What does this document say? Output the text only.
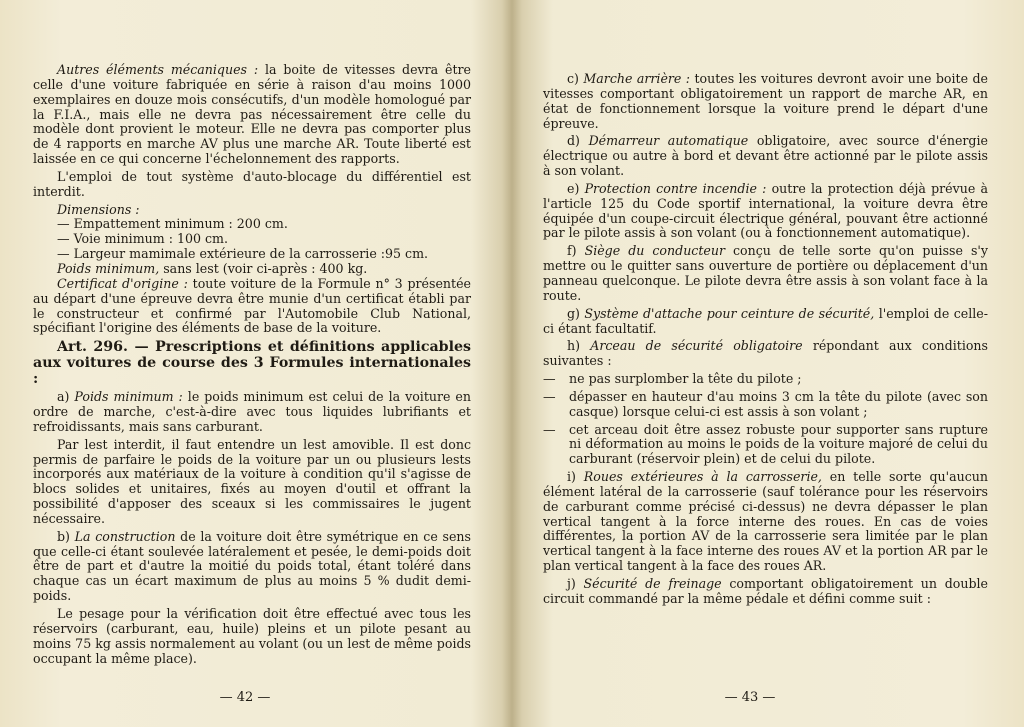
Autres éléments mécaniques : la boite de vitesses devra être celle d'une voiture fabriquée en série à raison d'au moins 1000 exemplaires en douze mois consécutifs, d'un modèle homologué par la F.I.A., mais elle ne devra pas nécessairement être celle du modèle dont provient le moteur. Elle ne devra pas comporter plus de 4 rapports en marche AV plus une marche AR. Toute liberté est laissée en ce qui concerne l'échelonnement des rapports.

L'emploi de tout système d'auto-blocage du différentiel est interdit.

Dimensions :

— Empattement minimum : 200 cm.

— Voie minimum : 100 cm.

— Largeur mamimale extérieure de la carrosserie :95 cm.

Poids minimum, sans lest (voir ci-après : 400 kg.

Certificat d'origine : toute voiture de la Formule n° 3 présentée au départ d'une épreuve devra être munie d'un certificat établi par le constructeur et confirmé par l'Automobile Club National, spécifiant l'origine des éléments de base de la voiture.

Art. 296. — Prescriptions et définitions applicables aux voitures de course des 3 Formules internationales :

a) Poids minimum : le poids minimum est celui de la voiture en ordre de marche, c'est-à-dire avec tous liquides lubrifiants et refroidissants, mais sans carburant.

Par lest interdit, il faut entendre un lest amovible. Il est donc permis de parfaire le poids de la voiture par un ou plusieurs lests incorporés aux matériaux de la voiture à condition qu'il s'agisse de blocs solides et unitaires, fixés au moyen d'outil et offrant la possibilité d'apposer des sceaux si les commissaires le jugent nécessaire.

b) La construction de la voiture doit être symétrique en ce sens que celle-ci étant soulevée latéralement et pesée, le demi-poids doit être de part et d'autre la moitié du poids total, étant toléré dans chaque cas un écart maximum de plus au moins 5 % dudit demi-poids.

Le pesage pour la vérification doit être effectué avec tous les réservoirs (carburant, eau, huile) pleins et un pilote pesant au moins 75 kg assis normalement au volant (ou un lest de même poids occupant la même place).

— 42 —

c) Marche arrière : toutes les voitures devront avoir une boite de vitesses comportant obligatoirement un rapport de marche AR, en état de fonctionnement lorsque la voiture prend le départ d'une épreuve.

d) Démarreur automatique obligatoire, avec source d'énergie électrique ou autre à bord et devant être actionné par le pilote assis à son volant.

e) Protection contre incendie : outre la protection déjà prévue à l'article 125 du Code sportif international, la voiture devra être équipée d'un coupe-circuit électrique général, pouvant être actionné par le pilote assis à son volant (ou à fonctionnement automatique).

f) Siège du conducteur conçu de telle sorte qu'on puisse s'y mettre ou le quitter sans ouverture de portière ou déplacement d'un panneau quelconque. Le pilote devra être assis à son volant face à la route.

g) Système d'attache pour ceinture de sécurité, l'emploi de celle-ci étant facultatif.

h) Arceau de sécurité obligatoire répondant aux conditions suivantes :

—	ne pas surplomber la tête du pilote ;
—	dépasser en hauteur d'au moins 3 cm la tête du pilote (avec son casque) lorsque celui-ci est assis à son volant ;
—	cet arceau doit être assez robuste pour supporter sans rupture ni déformation au moins le poids de la voiture majoré de celui du carburant (réservoir plein) et de celui du pilote.

i) Roues extérieures à la carrosserie, en telle sorte qu'aucun élément latéral de la carrosserie (sauf tolérance pour les réservoirs de carburant comme précisé ci-dessus) ne devra dépasser le plan vertical tangent à la force interne des roues. En cas de voies différentes, la portion AV de la carrosserie sera limitée par le plan vertical tangent à la face interne des roues AV et la portion AR par le plan vertical tangent à la face des roues AR.

j) Sécurité de freinage comportant obligatoirement un double circuit commandé par la même pédale et défini comme suit :

— 43 —
